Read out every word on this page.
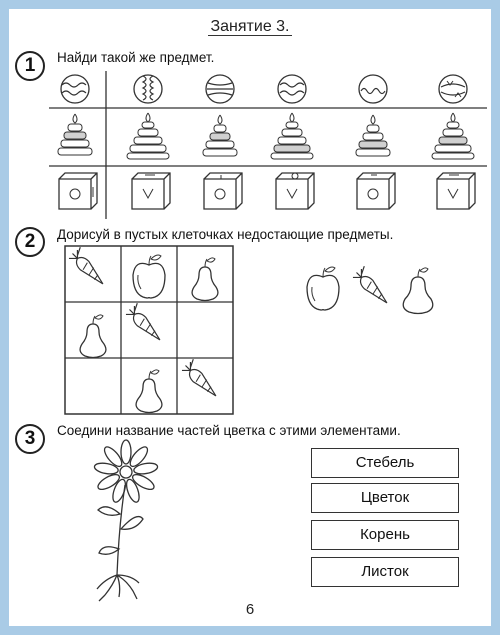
Занятие 3.
1	Найди такой же предмет.
2	Дорисуй в пустых клеточках недостающие предметы.
3	Соедини название частей цветка с этими элементами.
Стебель
Цветок
Корень
Листок
6
